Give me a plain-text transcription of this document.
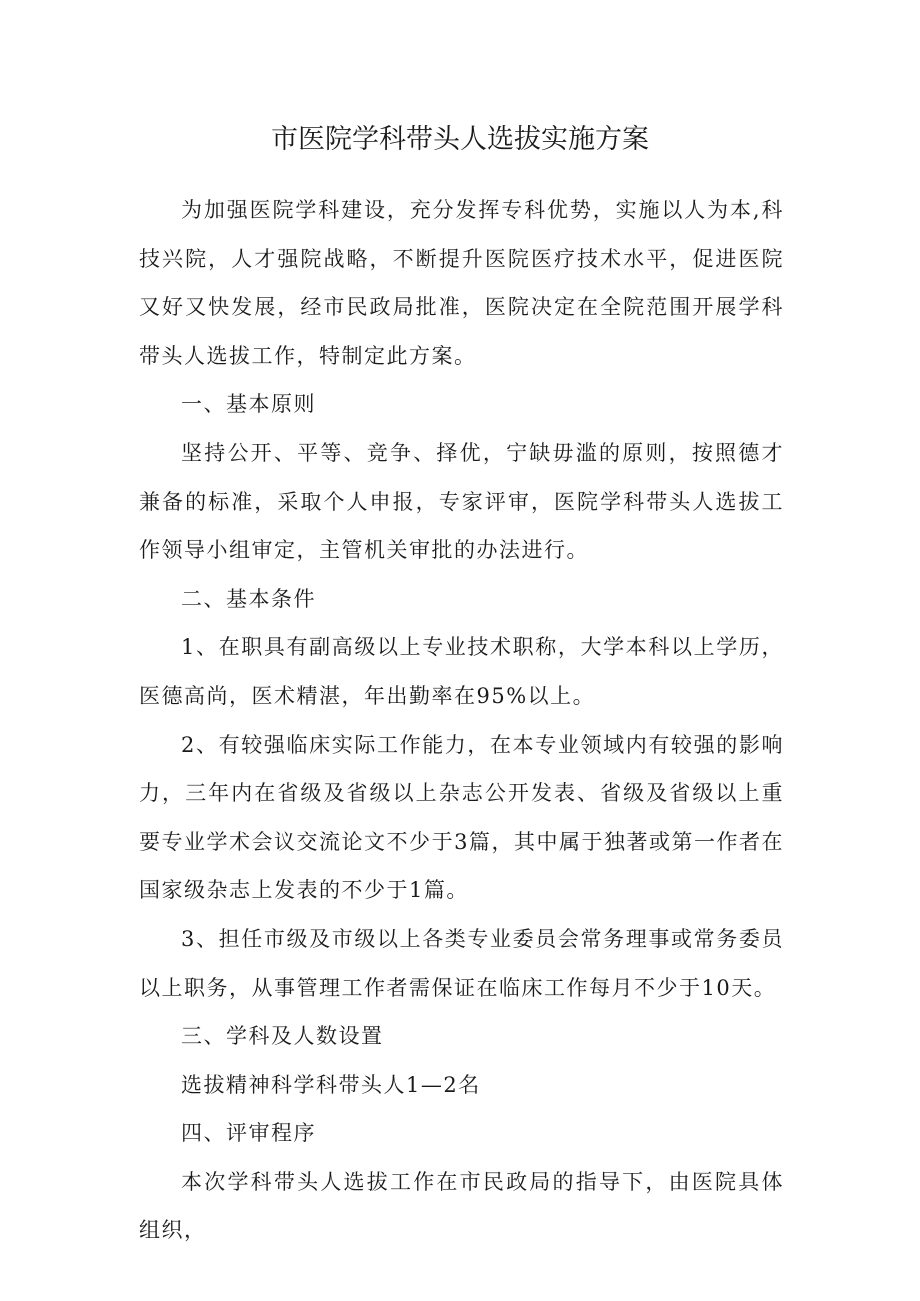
市医院学科带头人选拔实施方案

为加强医院学科建设，充分发挥专科优势，实施以人为本,科技兴院，人才强院战略，不断提升医院医疗技术水平，促进医院又好又快发展，经市民政局批准，医院决定在全院范围开展学科带头人选拔工作，特制定此方案。

一、基本原则

坚持公开、平等、竞争、择优，宁缺毋滥的原则，按照德才兼备的标准，采取个人申报，专家评审，医院学科带头人选拔工作领导小组审定，主管机关审批的办法进行。

二、基本条件

1、在职具有副高级以上专业技术职称，大学本科以上学历，医德高尚，医术精湛，年出勤率在95%以上。

2、有较强临床实际工作能力，在本专业领域内有较强的影响力，三年内在省级及省级以上杂志公开发表、省级及省级以上重要专业学术会议交流论文不少于3篇，其中属于独著或第一作者在国家级杂志上发表的不少于1篇。

3、担任市级及市级以上各类专业委员会常务理事或常务委员以上职务，从事管理工作者需保证在临床工作每月不少于10天。

三、学科及人数设置

选拔精神科学科带头人1—2名

四、评审程序

本次学科带头人选拔工作在市民政局的指导下，由医院具体组织，
